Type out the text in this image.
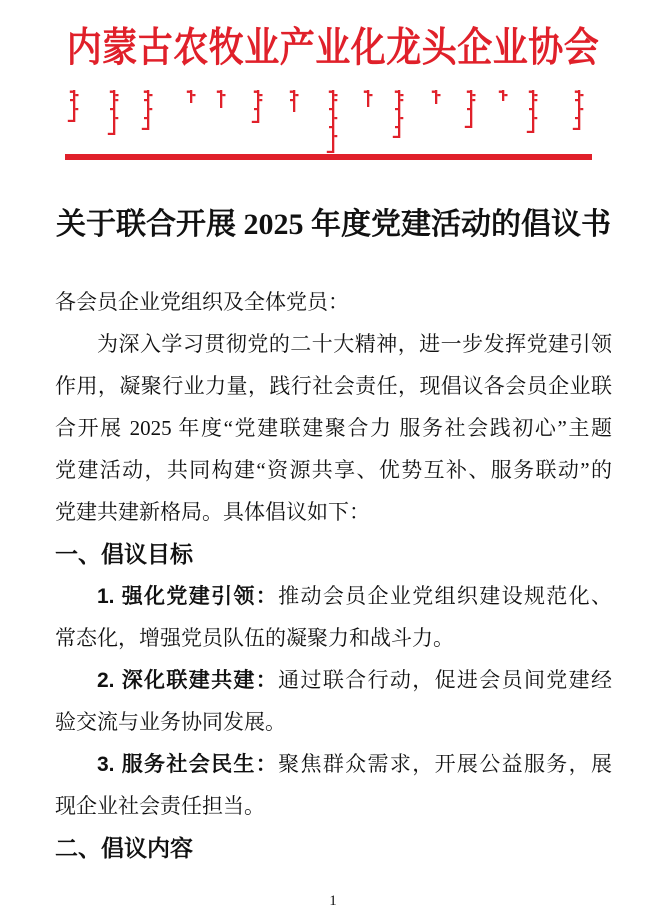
内蒙古农牧业产业化龙头企业协会
关于联合开展 2025 年度党建活动的倡议书
各会员企业党组织及全体党员：
为深入学习贯彻党的二十大精神，进一步发挥党建引领
作用，凝聚行业力量，践行社会责任，现倡议各会员企业联
合开展 2025 年度“党建联建聚合力 服务社会践初心”主题
党建活动，共同构建“资源共享、优势互补、服务联动”的
党建共建新格局。具体倡议如下：
一、倡议目标
1. 强化党建引领：推动会员企业党组织建设规范化、
常态化，增强党员队伍的凝聚力和战斗力。
2. 深化联建共建：通过联合行动，促进会员间党建经
验交流与业务协同发展。
3. 服务社会民生：聚焦群众需求，开展公益服务，展
现企业社会责任担当。
二、倡议内容
1
